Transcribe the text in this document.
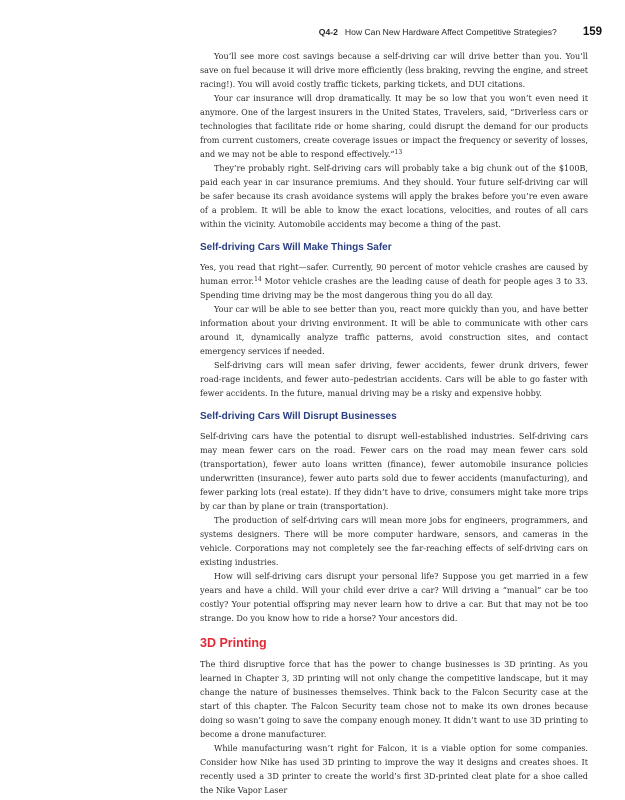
Q4-2 How Can New Hardware Affect Competitive Strategies? 159

You’ll see more cost savings because a self-driving car will drive better than you. You’ll save on fuel because it will drive more efficiently (less braking, revving the engine, and street racing!). You will avoid costly traffic tickets, parking tickets, and DUI citations.

Your car insurance will drop dramatically. It may be so low that you won’t even need it anymore. One of the largest insurers in the United States, Travelers, said, “Driverless cars or technologies that facilitate ride or home sharing, could disrupt the demand for our products from current customers, create coverage issues or impact the frequency or severity of losses, and we may not be able to respond effectively.”$^{13}$

They’re probably right. Self-driving cars will probably take a big chunk out of the $100B, paid each year in car insurance premiums. And they should. Your future self-driving car will be safer because its crash avoidance systems will apply the brakes before you’re even aware of a problem. It will be able to know the exact locations, velocities, and routes of all cars within the vicinity. Automobile accidents may become a thing of the past.

Self-driving Cars Will Make Things Safer

Yes, you read that right—safer. Currently, 90 percent of motor vehicle crashes are caused by human error.$^{14}$ Motor vehicle crashes are the leading cause of death for people ages 3 to 33. Spending time driving may be the most dangerous thing you do all day.

Your car will be able to see better than you, react more quickly than you, and have better information about your driving environment. It will be able to communicate with other cars around it, dynamically analyze traffic patterns, avoid construction sites, and contact emergency services if needed.

Self-driving cars will mean safer driving, fewer accidents, fewer drunk drivers, fewer road-rage incidents, and fewer auto–pedestrian accidents. Cars will be able to go faster with fewer accidents. In the future, manual driving may be a risky and expensive hobby.

Self-driving Cars Will Disrupt Businesses

Self-driving cars have the potential to disrupt well-established industries. Self-driving cars may mean fewer cars on the road. Fewer cars on the road may mean fewer cars sold (transportation), fewer auto loans written (finance), fewer automobile insurance policies underwritten (insurance), fewer auto parts sold due to fewer accidents (manufacturing), and fewer parking lots (real estate). If they didn’t have to drive, consumers might take more trips by car than by plane or train (transportation).

The production of self-driving cars will mean more jobs for engineers, programmers, and systems designers. There will be more computer hardware, sensors, and cameras in the vehicle. Corporations may not completely see the far-reaching effects of self-driving cars on existing industries.

How will self-driving cars disrupt your personal life? Suppose you get married in a few years and have a child. Will your child ever drive a car? Will driving a “manual” car be too costly? Your potential offspring may never learn how to drive a car. But that may not be too strange. Do you know how to ride a horse? Your ancestors did.

3D Printing

The third disruptive force that has the power to change businesses is 3D printing. As you learned in Chapter 3, 3D printing will not only change the competitive landscape, but it may change the nature of businesses themselves. Think back to the Falcon Security case at the start of this chapter. The Falcon Security team chose not to make its own drones because doing so wasn’t going to save the company enough money. It didn’t want to use 3D printing to become a drone manufacturer.

While manufacturing wasn’t right for Falcon, it is a viable option for some companies. Consider how Nike has used 3D printing to improve the way it designs and creates shoes. It recently used a 3D printer to create the world’s first 3D-printed cleat plate for a shoe called the Nike Vapor Laser
